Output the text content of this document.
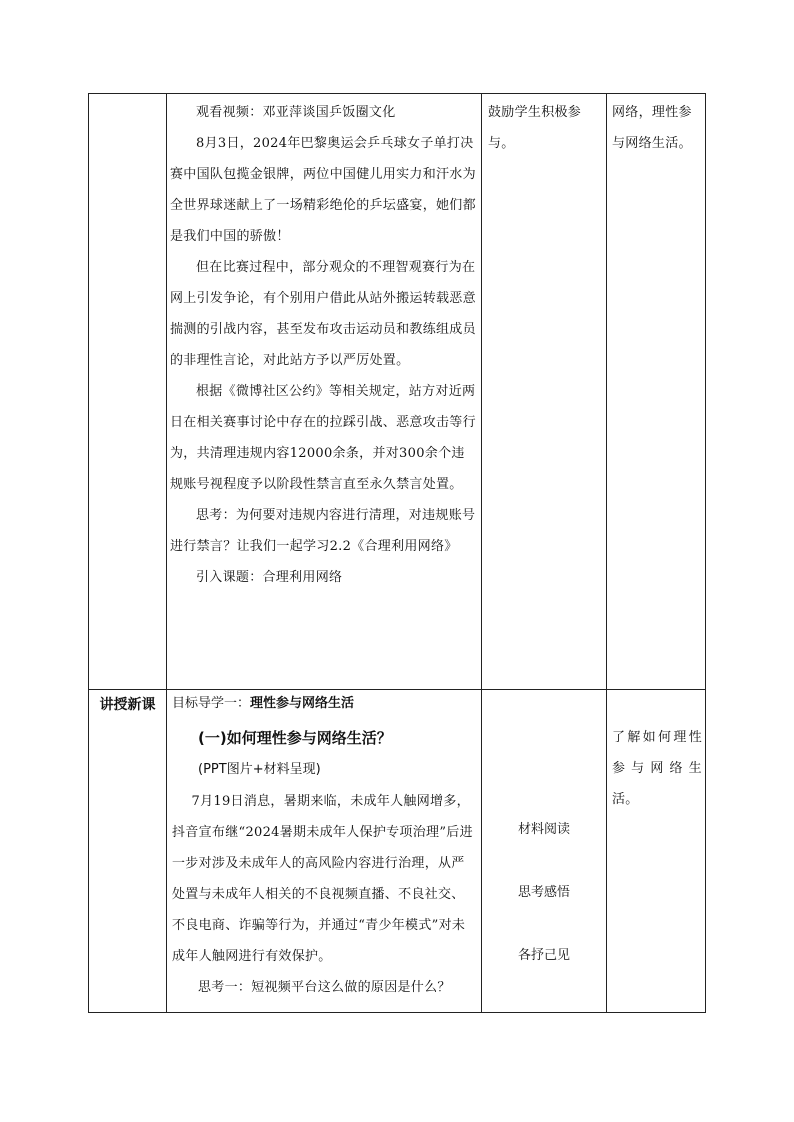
观看视频：邓亚萍谈国乒饭圈文化

8月3日，2024年巴黎奥运会乒乓球女子单打决赛中国队包揽金银牌，两位中国健儿用实力和汗水为全世界球迷献上了一场精彩绝伦的乒坛盛宴，她们都是我们中国的骄傲！

但在比赛过程中，部分观众的不理智观赛行为在网上引发争论，有个别用户借此从站外搬运转载恶意揣测的引战内容，甚至发布攻击运动员和教练组成员的非理性言论，对此站方予以严厉处置。

根据《微博社区公约》等相关规定，站方对近两日在相关赛事讨论中存在的拉踩引战、恶意攻击等行为，共清理违规内容12000余条，并对300余个违规账号视程度予以阶段性禁言直至永久禁言处置。

思考：为何要对违规内容进行清理，对违规账号进行禁言？让我们一起学习2.2《合理利用网络》

引入课题：合理利用网络

鼓励学生积极参与。

网络，理性参与网络生活。

讲授新课	目标导学一：理性参与网络生活

(一)如何理性参与网络生活？

(PPT图片+材料呈现)

7月19日消息，暑期来临，未成年人触网增多，抖音宣布继“2024暑期未成年人保护专项治理”后进一步对涉及未成年人的高风险内容进行治理，从严处置与未成年人相关的不良视频直播、不良社交、不良电商、诈骗等行为，并通过“青少年模式”对未成年人触网进行有效保护。

思考一：短视频平台这么做的原因是什么？

材料阅读

思考感悟

各抒己见

了解如何理性参与网络生活。
